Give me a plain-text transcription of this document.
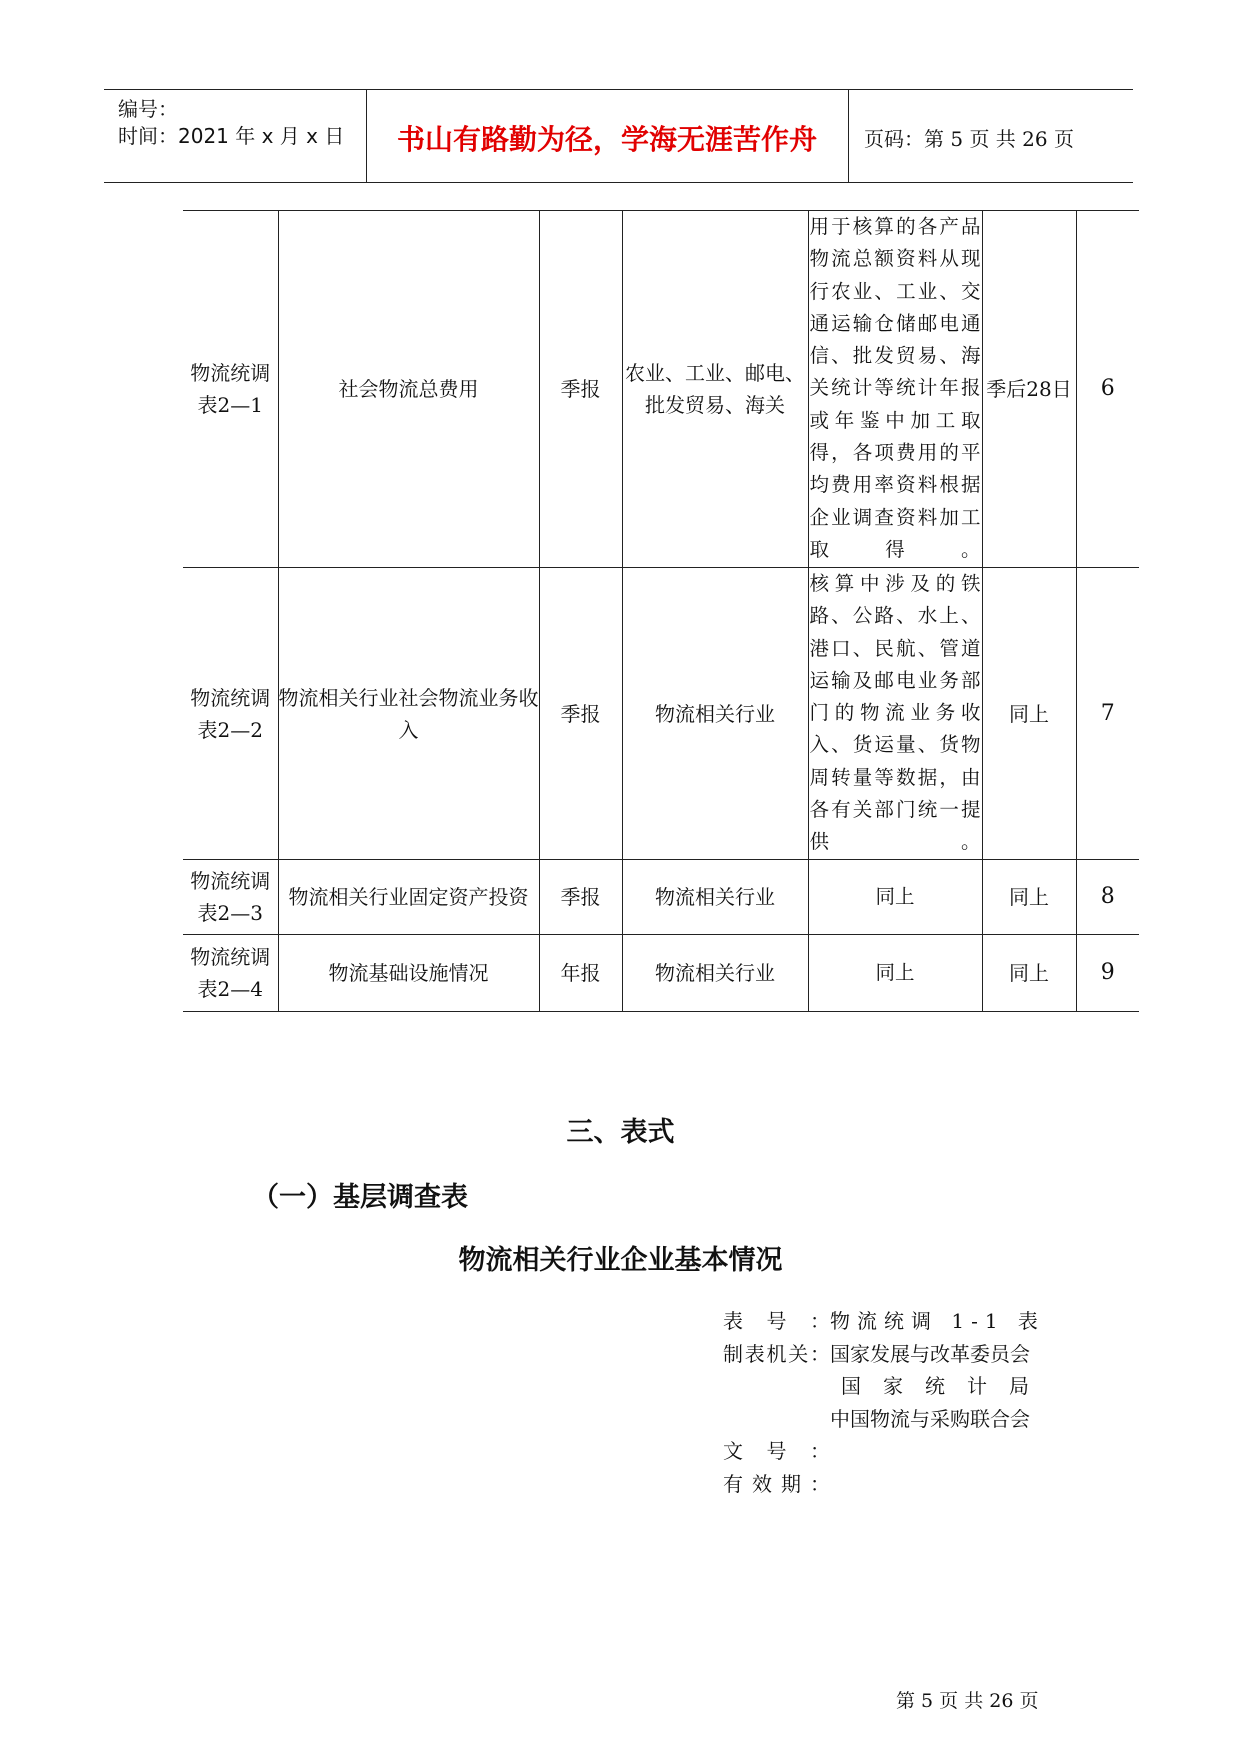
编号：
时间：2021 年 x 月 x 日	书山有路勤为径，学海无涯苦作舟	页码：第 5 页 共 26 页
物流统调表2—1	社会物流总费用	季报	农业、工业、邮电、批发贸易、海关	用于核算的各产品物流总额资料从现行农业、工业、交通运输仓储邮电通信、批发贸易、海关统计等统计年报或年鉴中加工取得，各项费用的平均费用率资料根据企业调查资料加工取得。	季后28日	6
物流统调表2—2	物流相关行业社会物流业务收入	季报	物流相关行业	核算中涉及的铁路、公路、水上、港口、民航、管道运输及邮电业务部门的物流业务收入、货运量、货物周转量等数据，由各有关部门统一提供。	同上	7
物流统调表2—3	物流相关行业固定资产投资	季报	物流相关行业	同上	同上	8
物流统调表2—4	物流基础设施情况	年报	物流相关行业	同上	同上	9
三、表式
（一）基层调查表
物流相关行业企业基本情况
表号： 物流统调 1-1 表
制表机关： 国家发展与改革委员会
国家统计局
中国物流与采购联合会
文号：
有效期：
第 5 页 共 26 页
